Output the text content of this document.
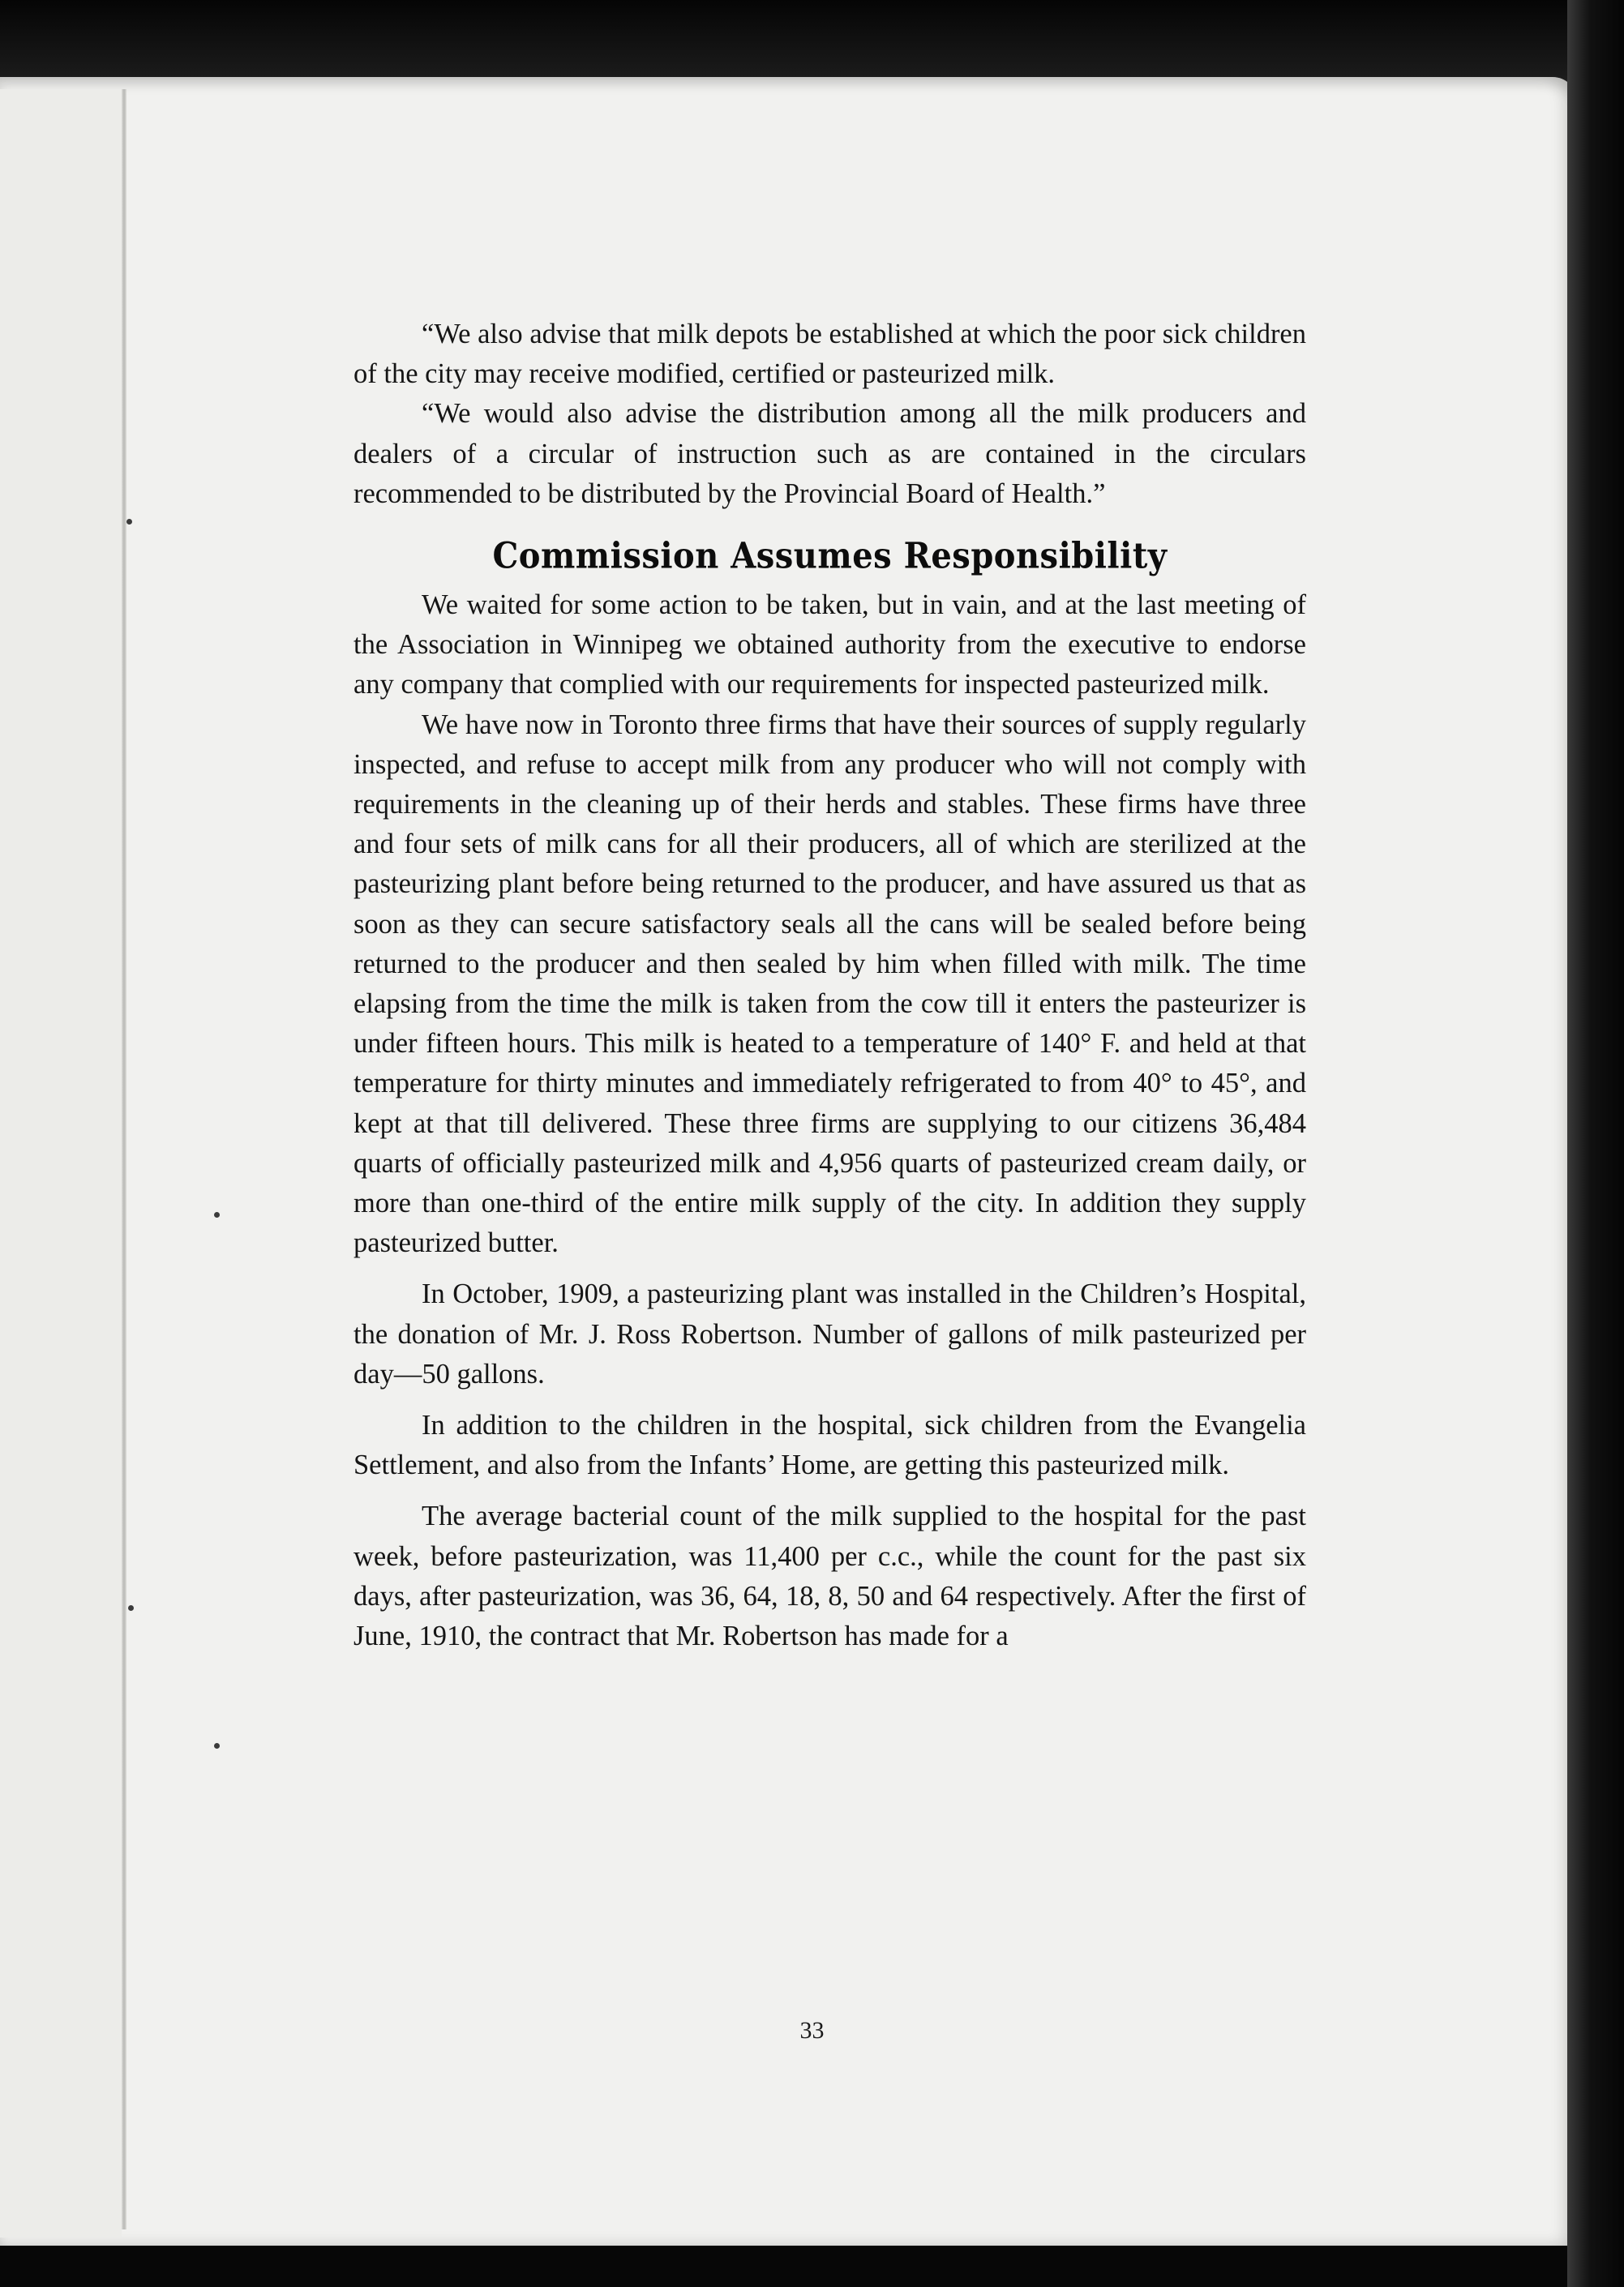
“We also advise that milk depots be established at which the poor sick children of the city may receive modified, certified or pasteurized milk.

“We would also advise the distribution among all the milk producers and dealers of a circular of instruction such as are contained in the circulars recommended to be distributed by the Provincial Board of Health.”

Commission Assumes Responsibility

We waited for some action to be taken, but in vain, and at the last meeting of the Association in Winnipeg we obtained authority from the executive to endorse any company that complied with our requirements for inspected pasteurized milk.

We have now in Toronto three firms that have their sources of supply regularly inspected, and refuse to accept milk from any producer who will not comply with requirements in the cleaning up of their herds and stables. These firms have three and four sets of milk cans for all their producers, all of which are sterilized at the pasteurizing plant before being returned to the producer, and have assured us that as soon as they can secure satisfactory seals all the cans will be sealed before being returned to the producer and then sealed by him when filled with milk. The time elapsing from the time the milk is taken from the cow till it enters the pasteurizer is under fifteen hours. This milk is heated to a temperature of 140° F. and held at that temperature for thirty minutes and immediately refrigerated to from 40° to 45°, and kept at that till delivered. These three firms are supplying to our citizens 36,484 quarts of officially pasteurized milk and 4,956 quarts of pasteurized cream daily, or more than one-third of the entire milk supply of the city. In addition they supply pasteurized butter.

In October, 1909, a pasteurizing plant was installed in the Children’s Hospital, the donation of Mr. J. Ross Robertson. Number of gallons of milk pasteurized per day—50 gallons.

In addition to the children in the hospital, sick children from the Evangelia Settlement, and also from the Infants’ Home, are getting this pasteurized milk.

The average bacterial count of the milk supplied to the hospital for the past week, before pasteurization, was 11,400 per c.c., while the count for the past six days, after pasteurization, was 36, 64, 18, 8, 50 and 64 respectively. After the first of June, 1910, the contract that Mr. Robertson has made for a

33
